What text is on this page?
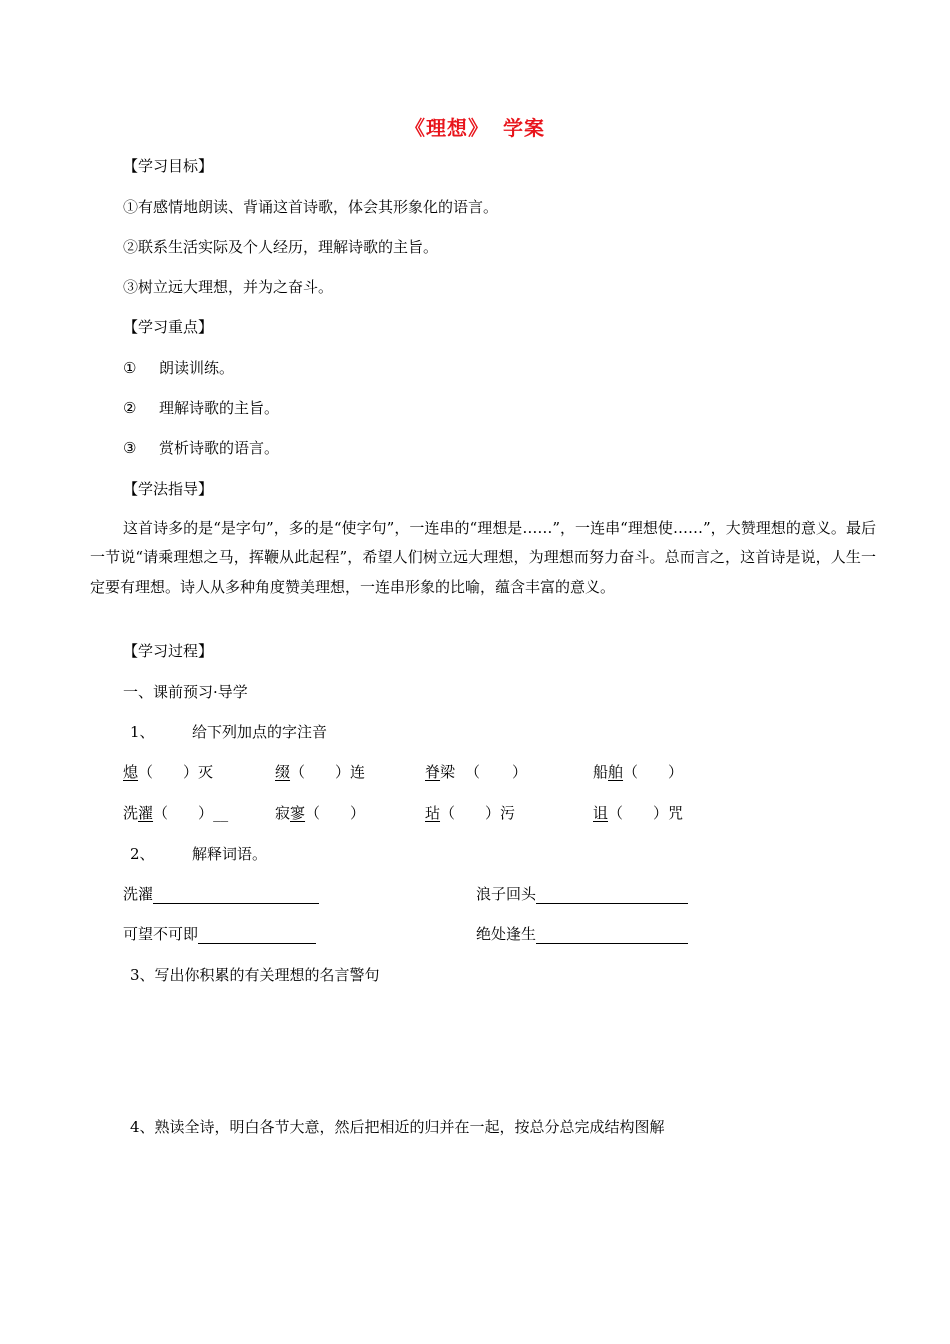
《理想》 学案
【学习目标】
①有感情地朗读、背诵这首诗歌，体会其形象化的语言。
②联系生活实际及个人经历，理解诗歌的主旨。
③树立远大理想，并为之奋斗。
【学习重点】
① 朗读训练。
② 理解诗歌的主旨。
③ 赏析诗歌的语言。
【学法指导】
这首诗多的是“是字句”，多的是“使字句”，一连串的“理想是……”，一连串“理想使……”，大赞理想的意义。最后一节说“请乘理想之马，挥鞭从此起程”，希望人们树立远大理想，为理想而努力奋斗。总而言之，这首诗是说，人生一定要有理想。诗人从多种角度赞美理想，一连串形象的比喻，蕴含丰富的意义。
【学习过程】
一、课前预习·导学
1、 给下列加点的字注音
熄（ ）灭	缀（ ）连	脊梁 （ ）	船舶（ ）
洗濯（ ）__	寂寥（ ）	玷（ ）污	诅（ ）咒
2、 解释词语。
洗濯	浪子回头
可望不可即	绝处逢生
3、写出你积累的有关理想的名言警句
4、熟读全诗，明白各节大意，然后把相近的归并在一起，按总分总完成结构图解
